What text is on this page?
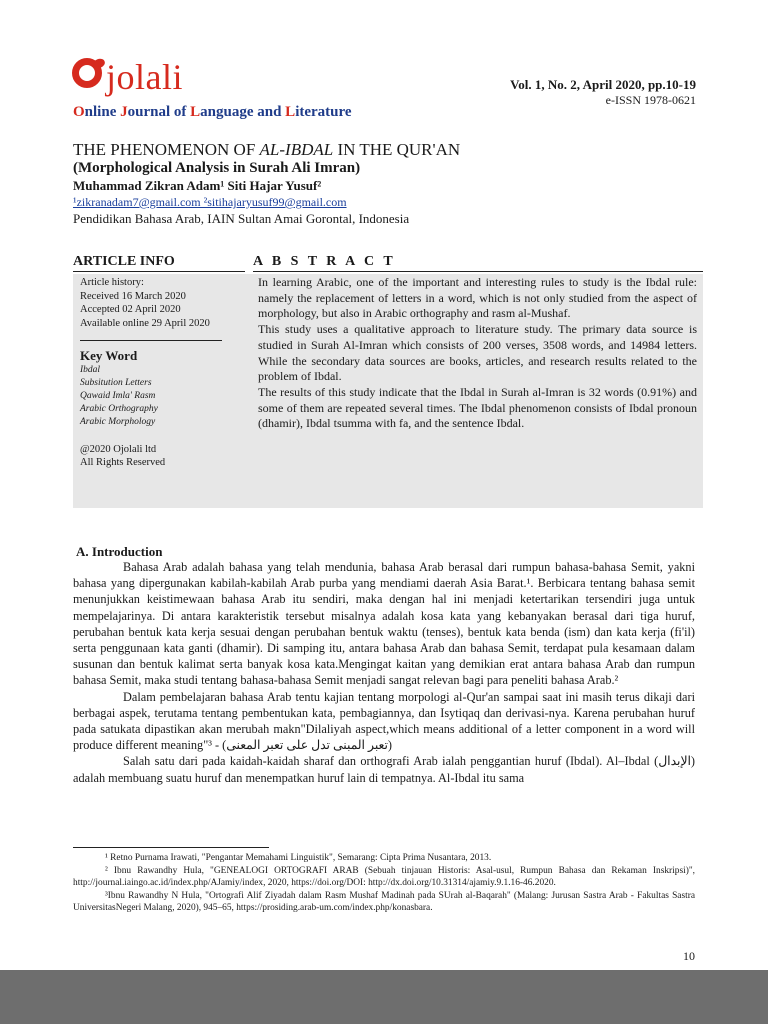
jolali
Online Journal of Language and Literature
Vol. 1, No. 2, April 2020, pp.10-19
e-ISSN 1978-0621
THE PHENOMENON OF AL-IBDAL IN THE QUR'AN
(Morphological Analysis in Surah Ali Imran)
Muhammad Zikran Adam¹ Siti Hajar Yusuf²
¹zikranadam7@gmail.com ²sitihajaryusuf99@gmail.com
Pendidikan Bahasa Arab, IAIN Sultan Amai Gorontal, Indonesia
ARTICLE INFO	A B S T R A C T
Article history:
Received 16 March 2020
Accepted 02 April 2020
Available online 29 April 2020
Key Word
Ibdal
Subsitution Letters
Qawaid Imla' Rasm
Arabic Orthography
Arabic Morphology
@2020 Ojolali ltd
All Rights Reserved

In learning Arabic, one of the important and interesting rules to study is the Ibdal rule: namely the replacement of letters in a word, which is not only studied from the aspect of morphology, but also in Arabic orthography and rasm al-Mushaf.

This study uses a qualitative approach to literature study. The primary data source is studied in Surah Al-Imran which consists of 200 verses, 3508 words, and 14984 letters. While the secondary data sources are books, articles, and research results related to the problem of Ibdal.

The results of this study indicate that the Ibdal in Surah al-Imran is 32 words (0.91%) and some of them are repeated several times. The Ibdal phenomenon consists of Ibdal pronoun (dhamir), Ibdal tsumma with fa, and the sentence Ibdal.

A. Introduction

Bahasa Arab adalah bahasa yang telah mendunia, bahasa Arab berasal dari rumpun bahasa-bahasa Semit, yakni bahasa yang dipergunakan kabilah-kabilah Arab purba yang mendiami daerah Asia Barat.¹. Berbicara tentang bahasa semit menunjukkan keistimewaan bahasa Arab itu sendiri, maka dengan hal ini menjadi ketertarikan tersendiri juga untuk mempelajarinya. Di antara karakteristik tersebut misalnya adalah kosa kata yang kebanyakan berasal dari tiga huruf, perubahan bentuk kata kerja sesuai dengan perubahan bentuk waktu (tenses), bentuk kata benda (ism) dan kata kerja (fi'il) serta penggunaan kata ganti (dhamir). Di samping itu, antara bahasa Arab dan bahasa Semit, terdapat pula kesamaan dalam susunan dan bentuk kalimat serta banyak kosa kata.Mengingat kaitan yang demikian erat antara bahasa Arab dan rumpun bahasa Semit, maka studi tentang bahasa-bahasa Semit menjadi sangat relevan bagi para peneliti bahasa Arab.²

Dalam pembelajaran bahasa Arab tentu kajian tentang morpologi al-Qur'an sampai saat ini masih terus dikaji dari berbagai aspek, terutama tentang pembentukan kata, pembagiannya, dan Isytiqaq dan derivasi-nya. Karena perubahan huruf pada satukata dipastikan akan merubah makn"Dilaliyah aspect,which means additional of a letter component in a word will produce different meaning"³ - (تعبر المبنى تدل على تعبر المعنى)

Salah satu dari pada kaidah-kaidah sharaf dan orthografi Arab ialah penggantian huruf (Ibdal). Al–Ibdal (الإبدال) adalah membuang suatu huruf dan menempatkan huruf lain di tempatnya. Al-Ibdal itu sama

¹ Retno Purnama Irawati, "Pengantar Memahami Linguistik", Semarang: Cipta Prima Nusantara, 2013.

² Ibnu Rawandhy Hula, "GENEALOGI ORTOGRAFI ARAB (Sebuah tinjauan Historis: Asal-usul, Rumpun Bahasa dan Rekaman Inskripsi)", http://journal.iaingo.ac.id/index.php/AJamiy/index, 2020, https://doi.org/DOI: http://dx.doi.org/10.31314/ajamiy.9.1.16-46.2020.

³Ibnu Rawandhy N Hula, "Ortografi Alif Ziyadah dalam Rasm Mushaf Madinah pada SUrah al-Baqarah" (Malang: Jurusan Sastra Arab - Fakultas Sastra UniversitasNegeri Malang, 2020), 945–65, https://prosiding.arab-um.com/index.php/konasbara.

10
